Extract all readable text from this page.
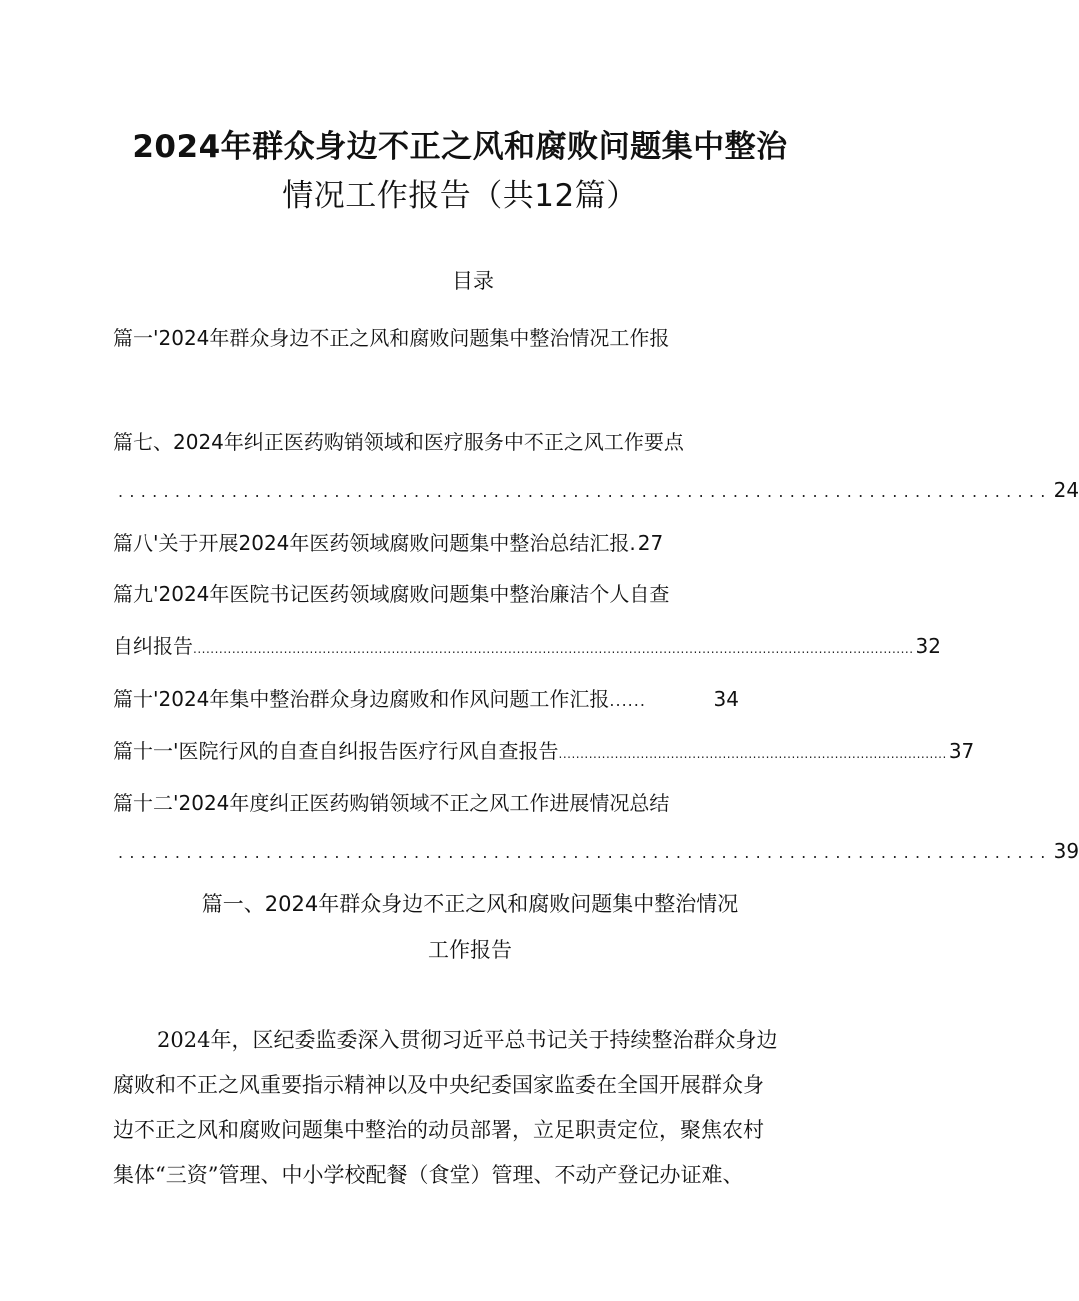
2024年群众身边不正之风和腐败问题集中整治
情况工作报告（共12篇）
目录
篇一'2024年群众身边不正之风和腐败问题集中整治情况工作报
篇七、2024年纠正医药购销领域和医疗服务中不正之风工作要点
.................................................................................. 24
篇八'关于开展2024年医药领域腐败问题集中整治总结汇报. 27
篇九'2024年医院书记医药领域腐败问题集中整治廉洁个人自查
自纠报告 ....................................................................................................................................................................... 32
篇十'2024年集中整治群众身边腐败和作风问题工作汇报 ......	34
篇十一'医院行风的自查自纠报告医疗行风自查报告 .......................................................................................... 37
篇十二'2024年度纠正医药购销领域不正之风工作进展情况总结
.................................................................................. 39
篇一、2024年群众身边不正之风和腐败问题集中整治情况
工作报告
2024年，区纪委监委深入贯彻习近平总书记关于持续整治群众身边
腐败和不正之风重要指示精神以及中央纪委国家监委在全国开展群众身
边不正之风和腐败问题集中整治的动员部署，立足职责定位，聚焦农村
集体“三资”管理、中小学校配餐（食堂）管理、不动产登记办证难、
